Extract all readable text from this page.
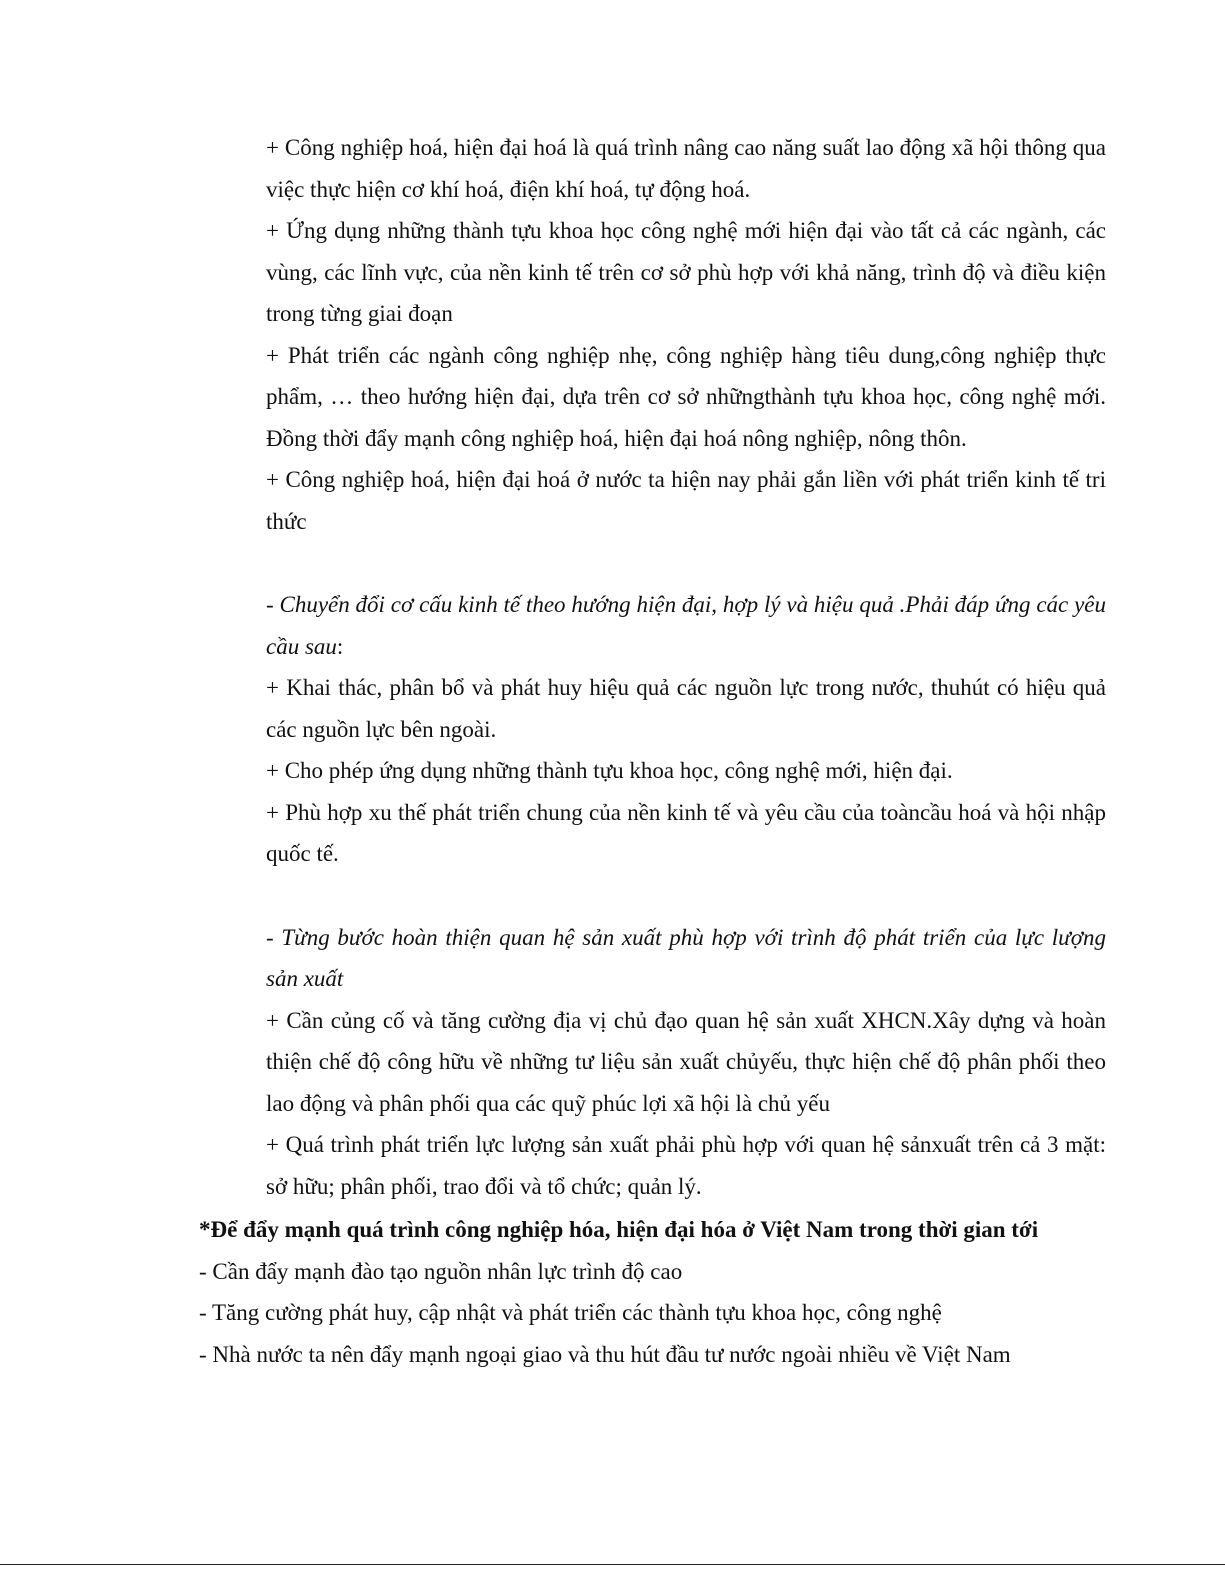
+ Công nghiệp hoá, hiện đại hoá là quá trình nâng cao năng suất lao động xã hội thông qua việc thực hiện cơ khí hoá, điện khí hoá, tự động hoá.

+ Ứng dụng những thành tựu khoa học công nghệ mới hiện đại vào tất cả các ngành, các vùng, các lĩnh vực, của nền kinh tế trên cơ sở phù hợp với khả năng, trình độ và điều kiện trong từng giai đoạn

+ Phát triển các ngành công nghiệp nhẹ, công nghiệp hàng tiêu dung,công nghiệp thực phẩm, … theo hướng hiện đại, dựa trên cơ sở nhữngthành tựu khoa học, công nghệ mới. Đồng thời đẩy mạnh công nghiệp hoá, hiện đại hoá nông nghiệp, nông thôn.

+ Công nghiệp hoá, hiện đại hoá ở nước ta hiện nay phải gắn liền với phát triển kinh tế tri thức

- Chuyển đổi cơ cấu kinh tế theo hướng hiện đại, hợp lý và hiệu quả .Phải đáp ứng các yêu cầu sau:

+ Khai thác, phân bổ và phát huy hiệu quả các nguồn lực trong nước, thuhút có hiệu quả các nguồn lực bên ngoài.

+ Cho phép ứng dụng những thành tựu khoa học, công nghệ mới, hiện đại.

+ Phù hợp xu thế phát triển chung của nền kinh tế và yêu cầu của toàncầu hoá và hội nhập quốc tế.

- Từng bước hoàn thiện quan hệ sản xuất phù hợp với trình độ phát triển của lực lượng sản xuất

+ Cần củng cố và tăng cường địa vị chủ đạo quan hệ sản xuất XHCN.Xây dựng và hoàn thiện chế độ công hữu về những tư liệu sản xuất chủyếu, thực hiện chế độ phân phối theo lao động và phân phối qua các quỹ phúc lợi xã hội là chủ yếu

+ Quá trình phát triển lực lượng sản xuất phải phù hợp với quan hệ sảnxuất trên cả 3 mặt: sở hữu; phân phối, trao đổi và tổ chức; quản lý.

*Để đẩy mạnh quá trình công nghiệp hóa, hiện đại hóa ở Việt Nam trong thời gian tới

- Cần đẩy mạnh đào tạo nguồn nhân lực trình độ cao

- Tăng cường phát huy, cập nhật và phát triển các thành tựu khoa học, công nghệ

- Nhà nước ta nên đẩy mạnh ngoại giao và thu hút đầu tư nước ngoài nhiều về Việt Nam
